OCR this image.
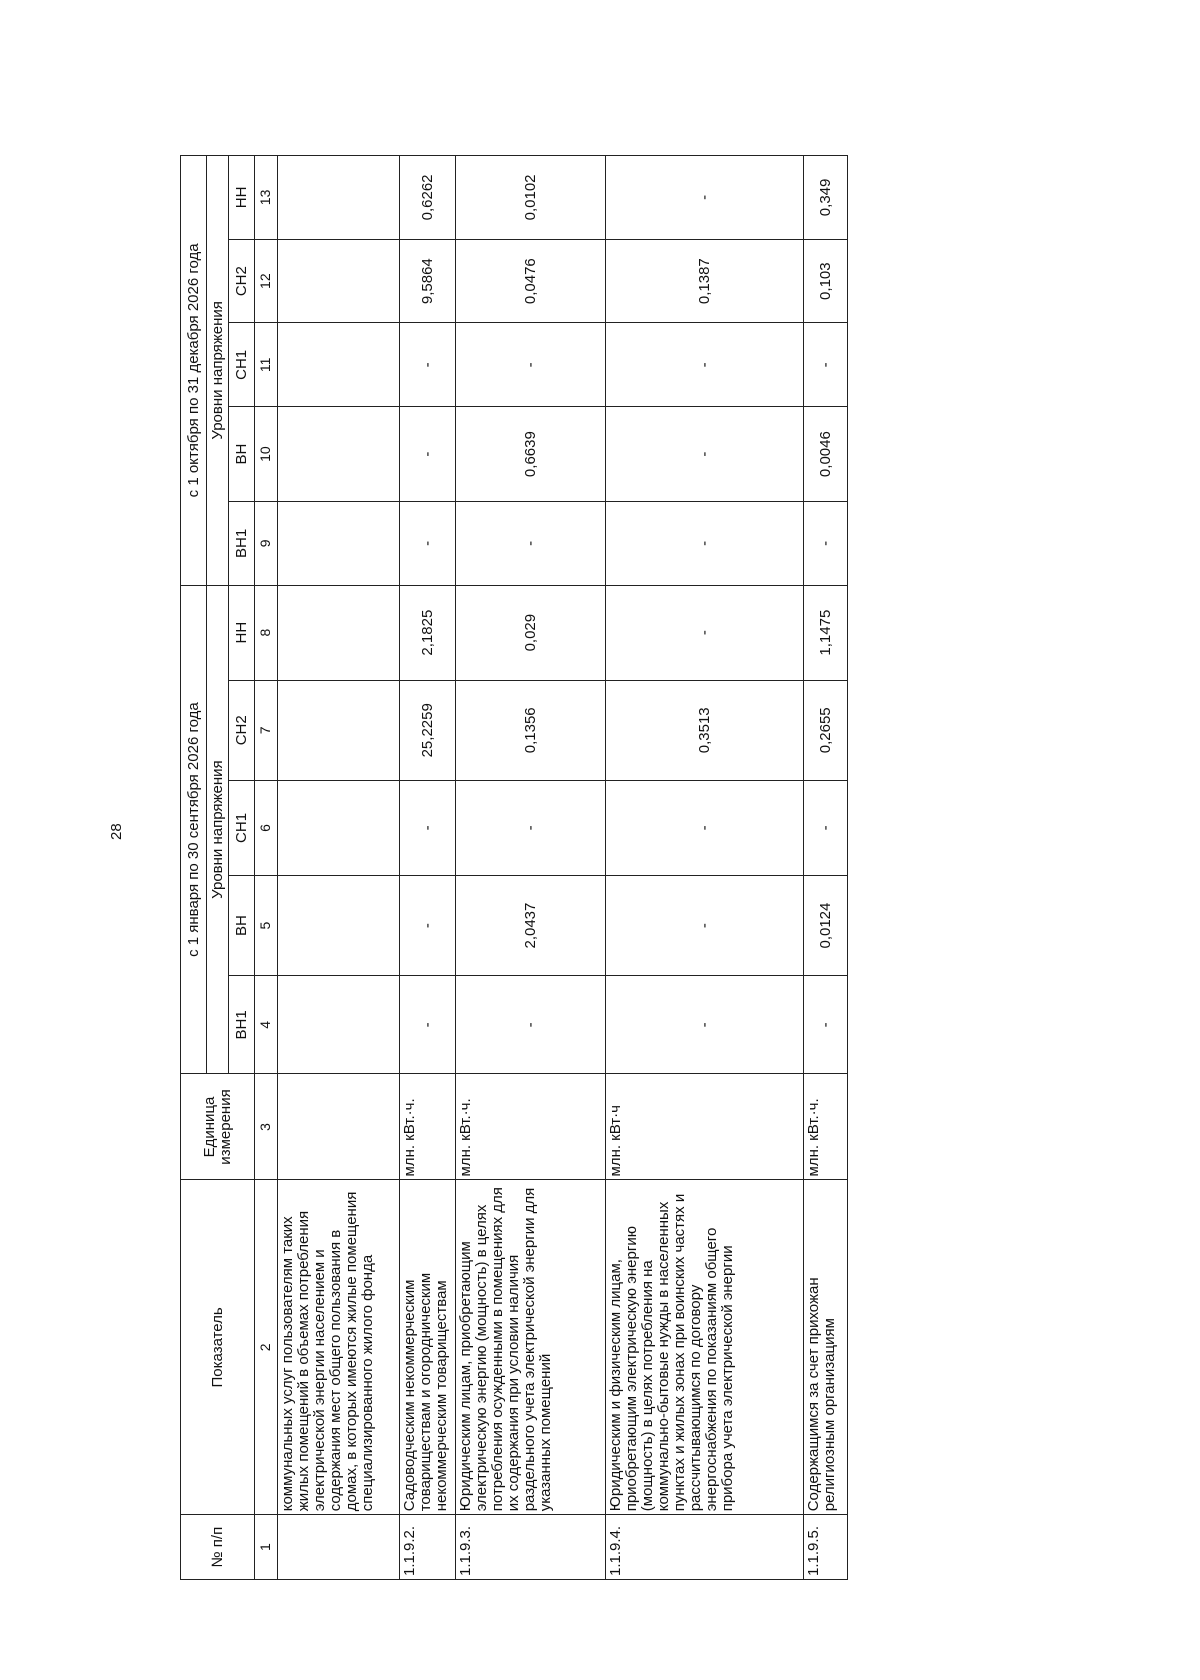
28
№ п/п	Показатель	Единица измерения	с 1 января по 30 сентября 2026 года					с 1 октября по 31 декабря 2026 года				
			Уровни напряжения					Уровни напряжения				
			ВН1	ВН	СН1	СН2	НН	ВН1	ВН	СН1	СН2	НН
1	2	3	4	5	6	7	8	9	10	11	12	13
	коммунальных услуг пользователям таких жилых помещений в объемах потребления электрической энергии населением и содержания мест общего пользования в домах, в которых имеются жилые помещения специализированного жилого фонда											
1.1.9.2.	Садоводческим некоммерческим товариществам и огородническим некоммерческим товариществам	млн. кВт.·ч.	-	-	-	25,2259	2,1825	-	-	-	9,5864	0,6262
1.1.9.3.	Юридическим лицам, приобретающим электрическую энергию (мощность) в целях потребления осужденными в помещениях для их содержания при условии наличия раздельного учета электрической энергии для указанных помещений	млн. кВт.·ч.	-	2,0437	-	0,1356	0,029	-	0,6639	-	0,0476	0,0102
1.1.9.4.	Юридическим и физическим лицам, приобретающим электрическую энергию (мощность) в целях потребления на коммунально-бытовые нужды в населенных пунктах и жилых зонах при воинских частях и рассчитывающимся по договору энергоснабжения по показаниям общего прибора учета электрической энергии	млн. кВт·ч	-	-	-	0,3513	-	-	-	-	0,1387	-
1.1.9.5.	Содержащимся за счет прихожан религиозным организациям	млн. кВт.·ч.	-	0,0124	-	0,2655	1,1475	-	0,0046	-	0,103	0,349
